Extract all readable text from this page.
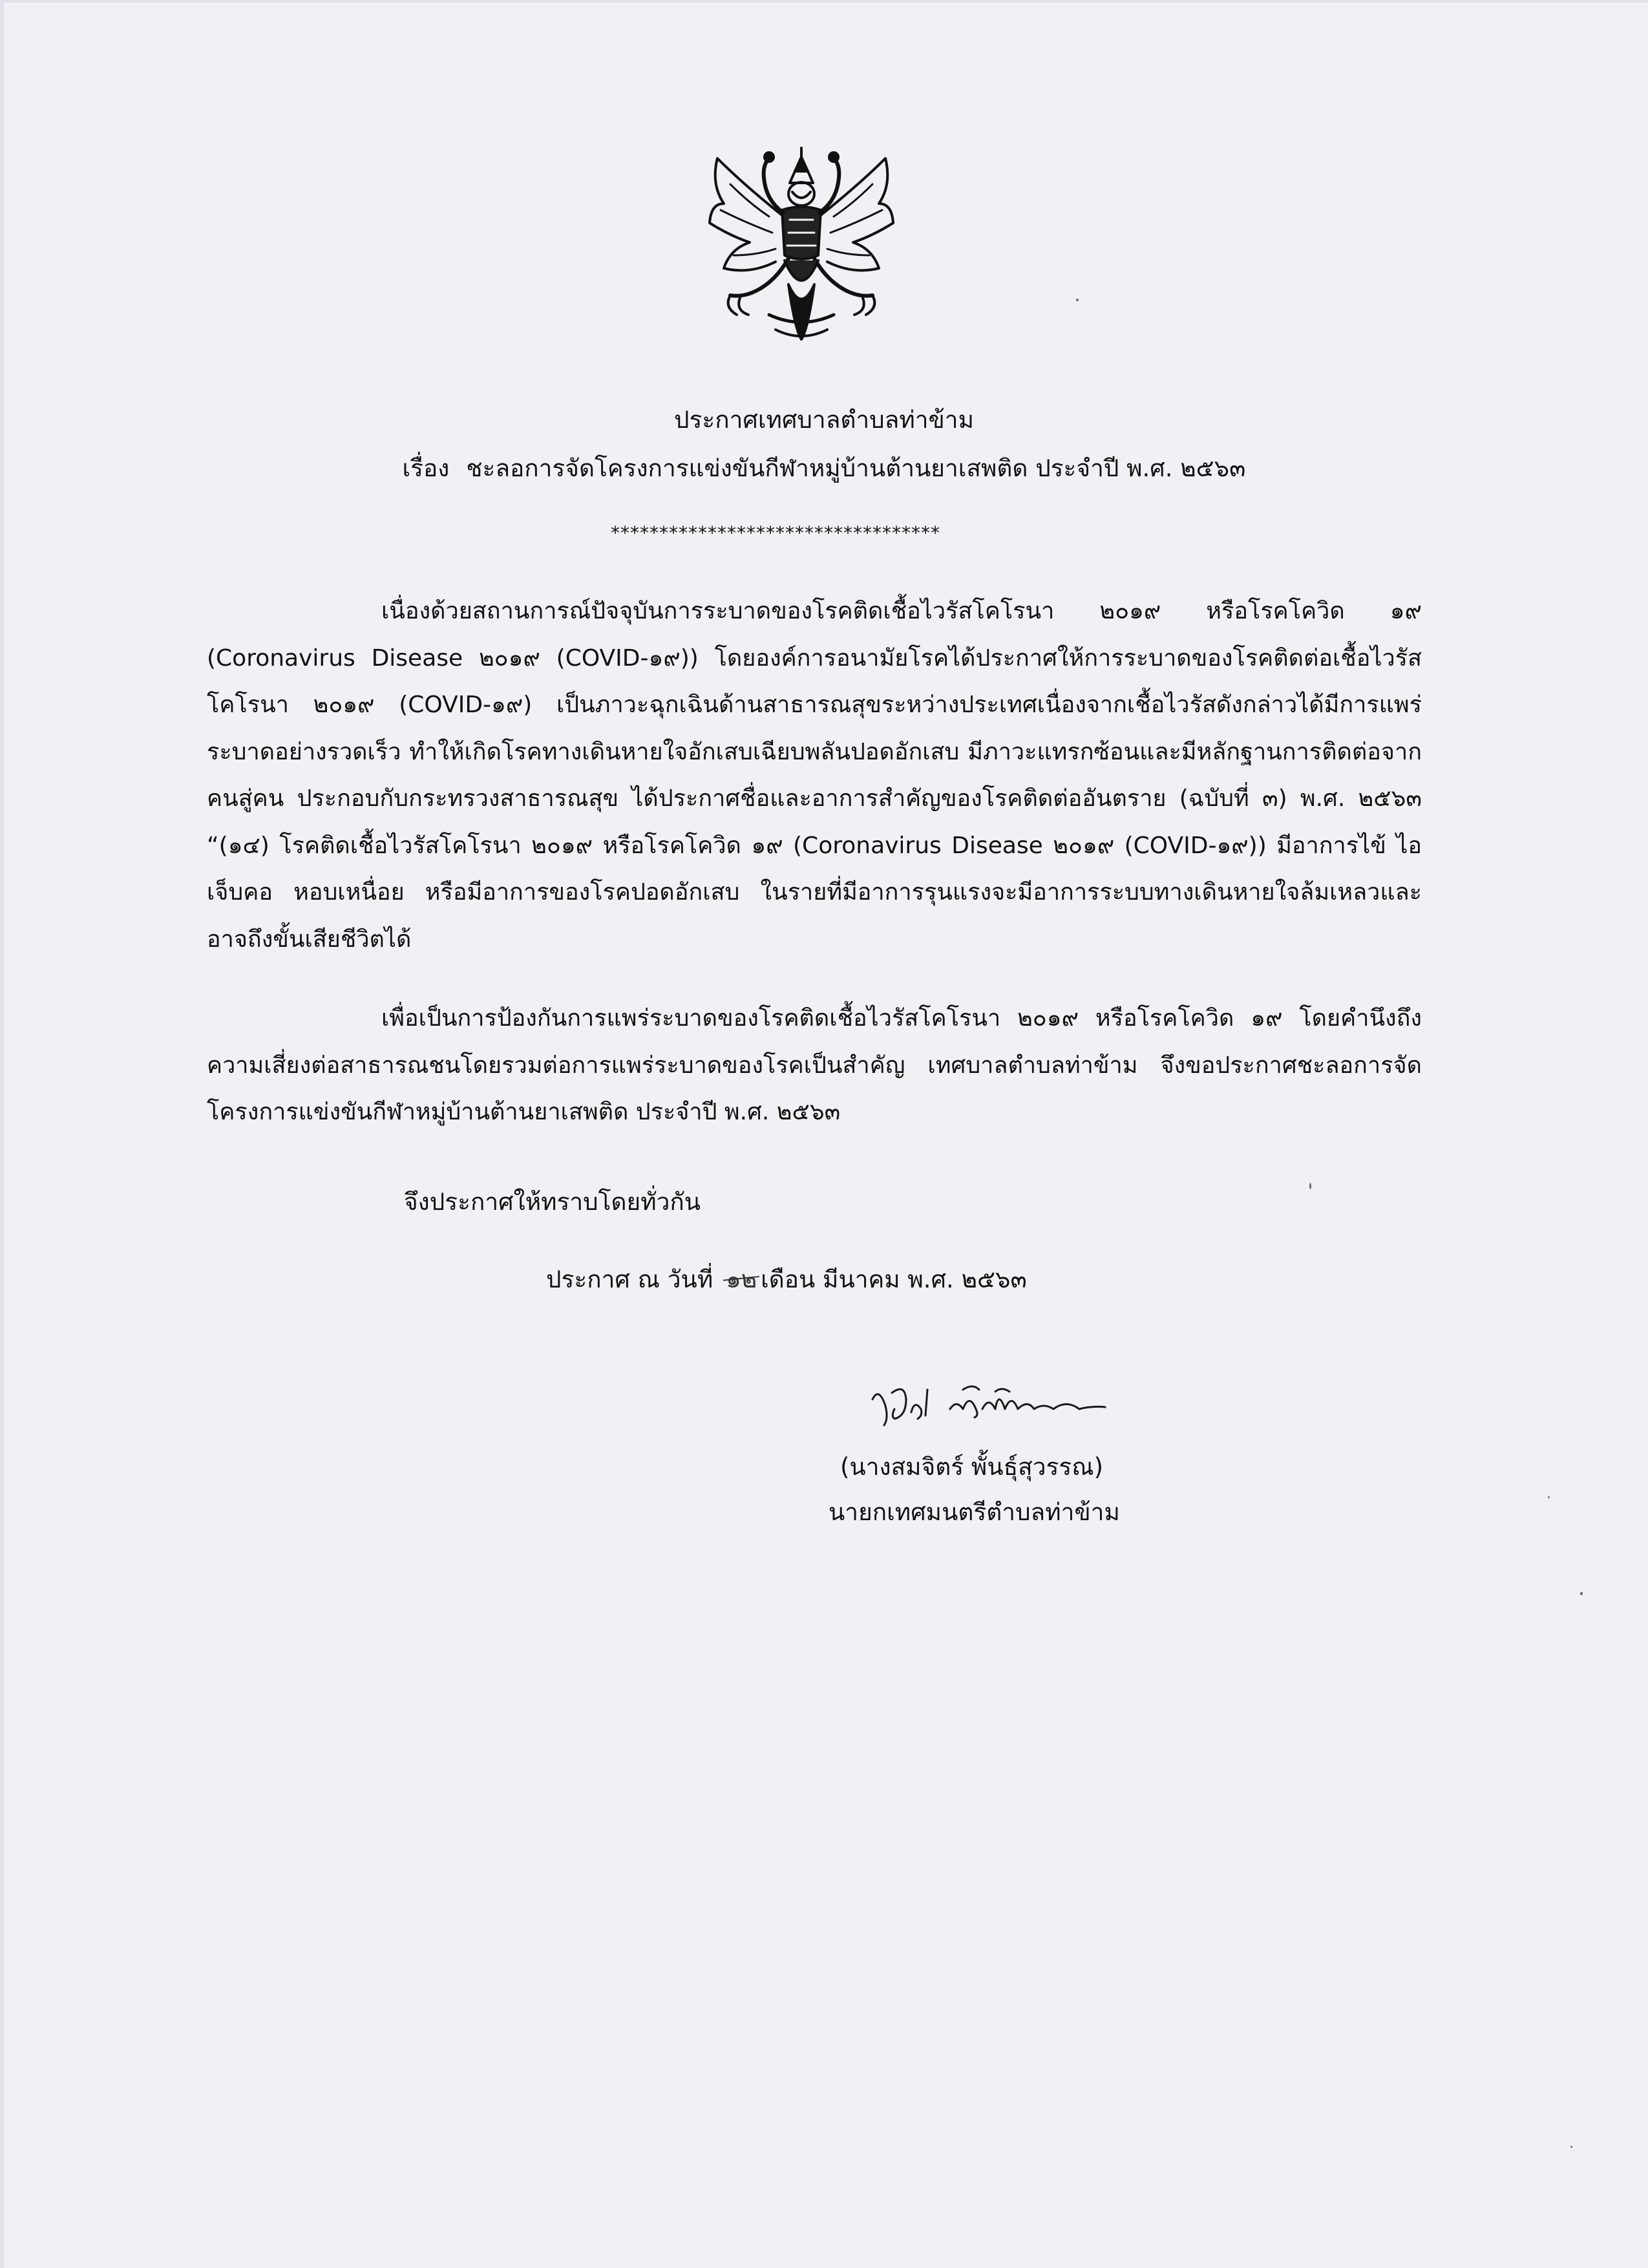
ประกาศเทศบาลตำบลท่าข้าม
เรื่อง ชะลอการจัดโครงการแข่งขันกีฬาหมู่บ้านต้านยาเสพติด ประจำปี พ.ศ. ๒๕๖๓
**********************************

เนื่องด้วยสถานการณ์ปัจจุบันการระบาดของโรคติดเชื้อไวรัสโคโรนา ๒๐๑๙ หรือโรคโควิด ๑๙ (Coronavirus Disease ๒๐๑๙ (COVID-๑๙)) โดยองค์การอนามัยโรคได้ประกาศให้การระบาดของโรคติดต่อเชื้อไวรัสโคโรนา ๒๐๑๙ (COVID-๑๙) เป็นภาวะฉุกเฉินด้านสาธารณสุขระหว่างประเทศเนื่องจากเชื้อไวรัสดังกล่าวได้มีการแพร่ระบาดอย่างรวดเร็ว ทำให้เกิดโรคทางเดินหายใจอักเสบเฉียบพลันปอดอักเสบ มีภาวะแทรกซ้อนและมีหลักฐานการติดต่อจากคนสู่คน ประกอบกับกระทรวงสาธารณสุข ได้ประกาศชื่อและอาการสำคัญของโรคติดต่ออันตราย (ฉบับที่ ๓) พ.ศ. ๒๕๖๓ “(๑๔) โรคติดเชื้อไวรัสโคโรนา ๒๐๑๙ หรือโรคโควิด ๑๙ (Coronavirus Disease ๒๐๑๙ (COVID-๑๙)) มีอาการไข้ ไอ เจ็บคอ หอบเหนื่อย หรือมีอาการของโรคปอดอักเสบ ในรายที่มีอาการรุนแรงจะมีอาการระบบทางเดินหายใจล้มเหลวและอาจถึงขั้นเสียชีวิตได้

เพื่อเป็นการป้องกันการแพร่ระบาดของโรคติดเชื้อไวรัสโคโรนา ๒๐๑๙ หรือโรคโควิด ๑๙ โดยคำนึงถึงความเสี่ยงต่อสาธารณชนโดยรวมต่อการแพร่ระบาดของโรคเป็นสำคัญ เทศบาลตำบลท่าข้าม จึงขอประกาศชะลอการจัดโครงการแข่งขันกีฬาหมู่บ้านต้านยาเสพติด ประจำปี พ.ศ. ๒๕๖๓

จึงประกาศให้ทราบโดยทั่วกัน
ประกาศ ณ วันที่ ๑๒ เดือน มีนาคม พ.ศ. ๒๕๖๓
(นางสมจิตร์ พั้นธุ์สุวรรณ)
นายกเทศมนตรีตำบลท่าข้าม
